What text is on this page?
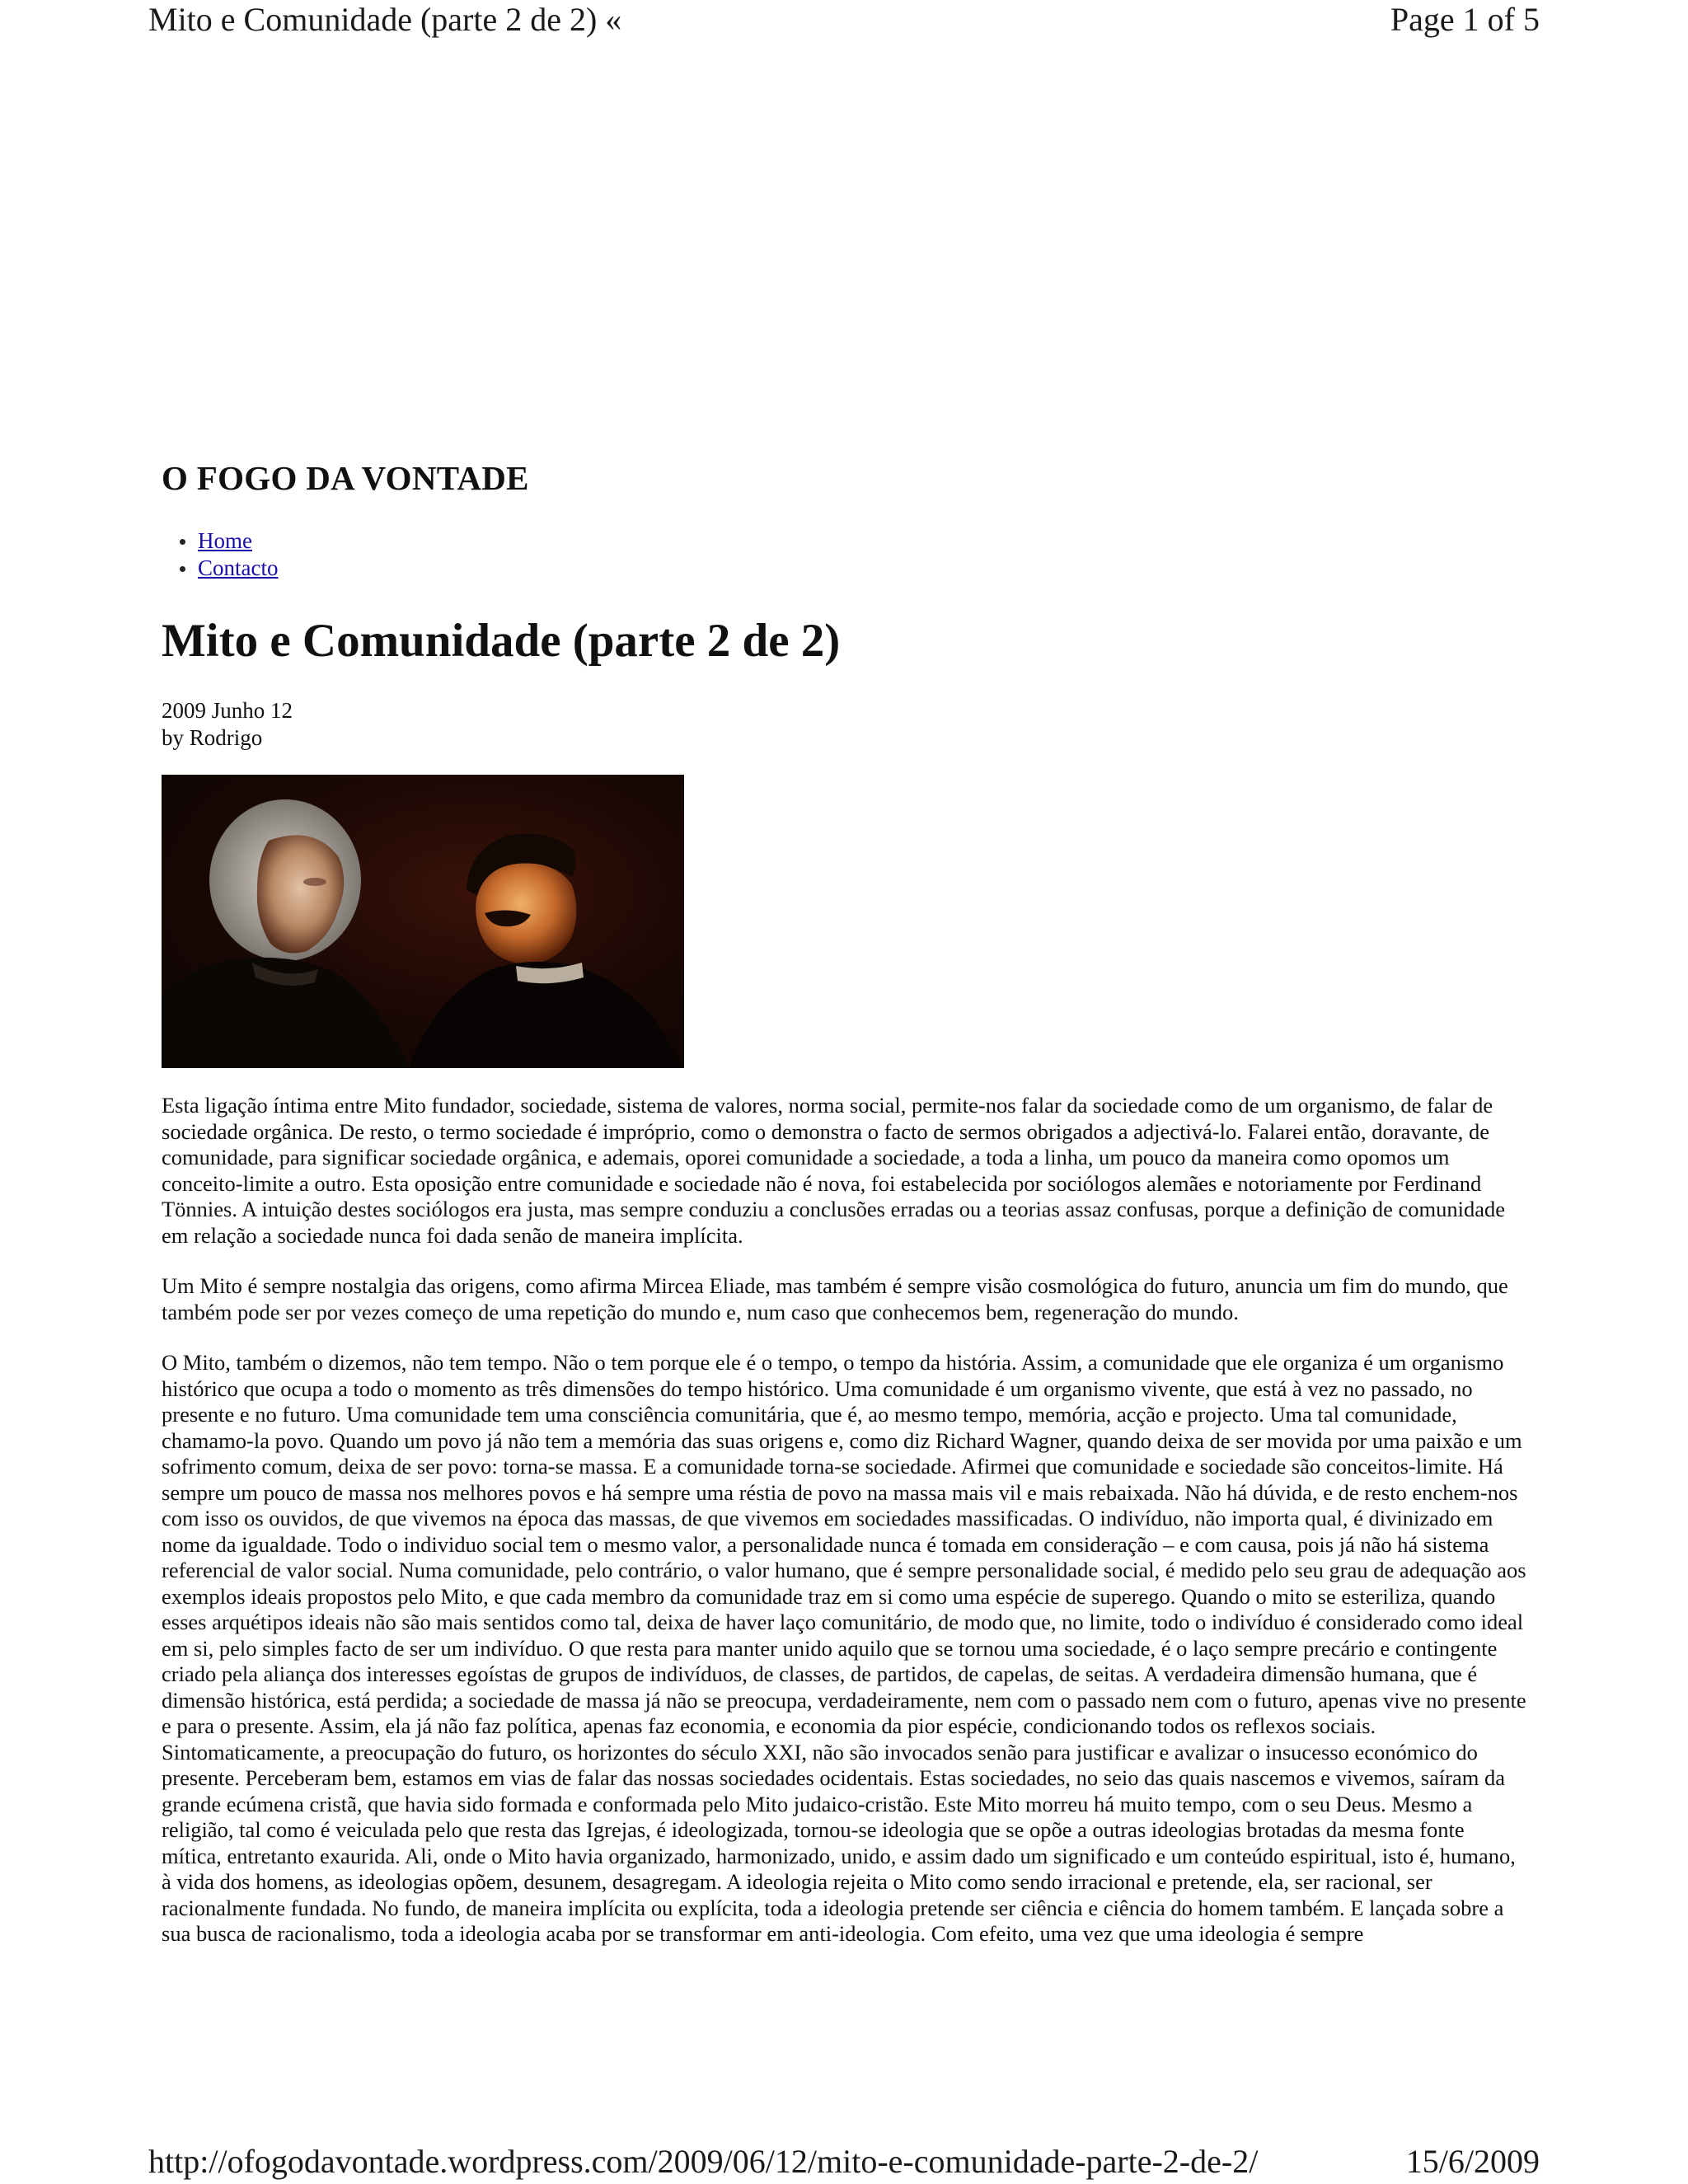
Mito e Comunidade (parte 2 de 2) «	Page 1 of 5
O FOGO DA VONTADE
Home
Contacto
Mito e Comunidade (parte 2 de 2)
2009 Junho 12
by Rodrigo

Esta ligação íntima entre Mito fundador, sociedade, sistema de valores, norma social, permite-nos falar da sociedade como de um organismo, de falar de sociedade orgânica. De resto, o termo sociedade é impróprio, como o demonstra o facto de sermos obrigados a adjectivá-lo. Falarei então, doravante, de comunidade, para significar sociedade orgânica, e ademais, oporei comunidade a sociedade, a toda a linha, um pouco da maneira como opomos um conceito-limite a outro. Esta oposição entre comunidade e sociedade não é nova, foi estabelecida por sociólogos alemães e notoriamente por Ferdinand Tönnies. A intuição destes sociólogos era justa, mas sempre conduziu a conclusões erradas ou a teorias assaz confusas, porque a definição de comunidade em relação a sociedade nunca foi dada senão de maneira implícita.

Um Mito é sempre nostalgia das origens, como afirma Mircea Eliade, mas também é sempre visão cosmológica do futuro, anuncia um fim do mundo, que também pode ser por vezes começo de uma repetição do mundo e, num caso que conhecemos bem, regeneração do mundo.

O Mito, também o dizemos, não tem tempo. Não o tem porque ele é o tempo, o tempo da história. Assim, a comunidade que ele organiza é um organismo histórico que ocupa a todo o momento as três dimensões do tempo histórico. Uma comunidade é um organismo vivente, que está à vez no passado, no presente e no futuro. Uma comunidade tem uma consciência comunitária, que é, ao mesmo tempo, memória, acção e projecto. Uma tal comunidade, chamamo-la povo. Quando um povo já não tem a memória das suas origens e, como diz Richard Wagner, quando deixa de ser movida por uma paixão e um sofrimento comum, deixa de ser povo: torna-se massa. E a comunidade torna-se sociedade. Afirmei que comunidade e sociedade são conceitos-limite. Há sempre um pouco de massa nos melhores povos e há sempre uma réstia de povo na massa mais vil e mais rebaixada. Não há dúvida, e de resto enchem-nos com isso os ouvidos, de que vivemos na época das massas, de que vivemos em sociedades massificadas. O indivíduo, não importa qual, é divinizado em nome da igualdade. Todo o individuo social tem o mesmo valor, a personalidade nunca é tomada em consideração – e com causa, pois já não há sistema referencial de valor social. Numa comunidade, pelo contrário, o valor humano, que é sempre personalidade social, é medido pelo seu grau de adequação aos exemplos ideais propostos pelo Mito, e que cada membro da comunidade traz em si como uma espécie de superego. Quando o mito se esteriliza, quando esses arquétipos ideais não são mais sentidos como tal, deixa de haver laço comunitário, de modo que, no limite, todo o indivíduo é considerado como ideal em si, pelo simples facto de ser um indivíduo. O que resta para manter unido aquilo que se tornou uma sociedade, é o laço sempre precário e contingente criado pela aliança dos interesses egoístas de grupos de indivíduos, de classes, de partidos, de capelas, de seitas. A verdadeira dimensão humana, que é dimensão histórica, está perdida; a sociedade de massa já não se preocupa, verdadeiramente, nem com o passado nem com o futuro, apenas vive no presente e para o presente. Assim, ela já não faz política, apenas faz economia, e economia da pior espécie, condicionando todos os reflexos sociais. Sintomaticamente, a preocupação do futuro, os horizontes do século XXI, não são invocados senão para justificar e avalizar o insucesso económico do presente. Perceberam bem, estamos em vias de falar das nossas sociedades ocidentais. Estas sociedades, no seio das quais nascemos e vivemos, saíram da grande ecúmena cristã, que havia sido formada e conformada pelo Mito judaico-cristão. Este Mito morreu há muito tempo, com o seu Deus. Mesmo a religião, tal como é veiculada pelo que resta das Igrejas, é ideologizada, tornou-se ideologia que se opõe a outras ideologias brotadas da mesma fonte mítica, entretanto exaurida. Ali, onde o Mito havia organizado, harmonizado, unido, e assim dado um significado e um conteúdo espiritual, isto é, humano, à vida dos homens, as ideologias opõem, desunem, desagregam. A ideologia rejeita o Mito como sendo irracional e pretende, ela, ser racional, ser racionalmente fundada. No fundo, de maneira implícita ou explícita, toda a ideologia pretende ser ciência e ciência do homem também. E lançada sobre a sua busca de racionalismo, toda a ideologia acaba por se transformar em anti-ideologia. Com efeito, uma vez que uma ideologia é sempre

http://ofogodavontade.wordpress.com/2009/06/12/mito-e-comunidade-parte-2-de-2/	15/6/2009
